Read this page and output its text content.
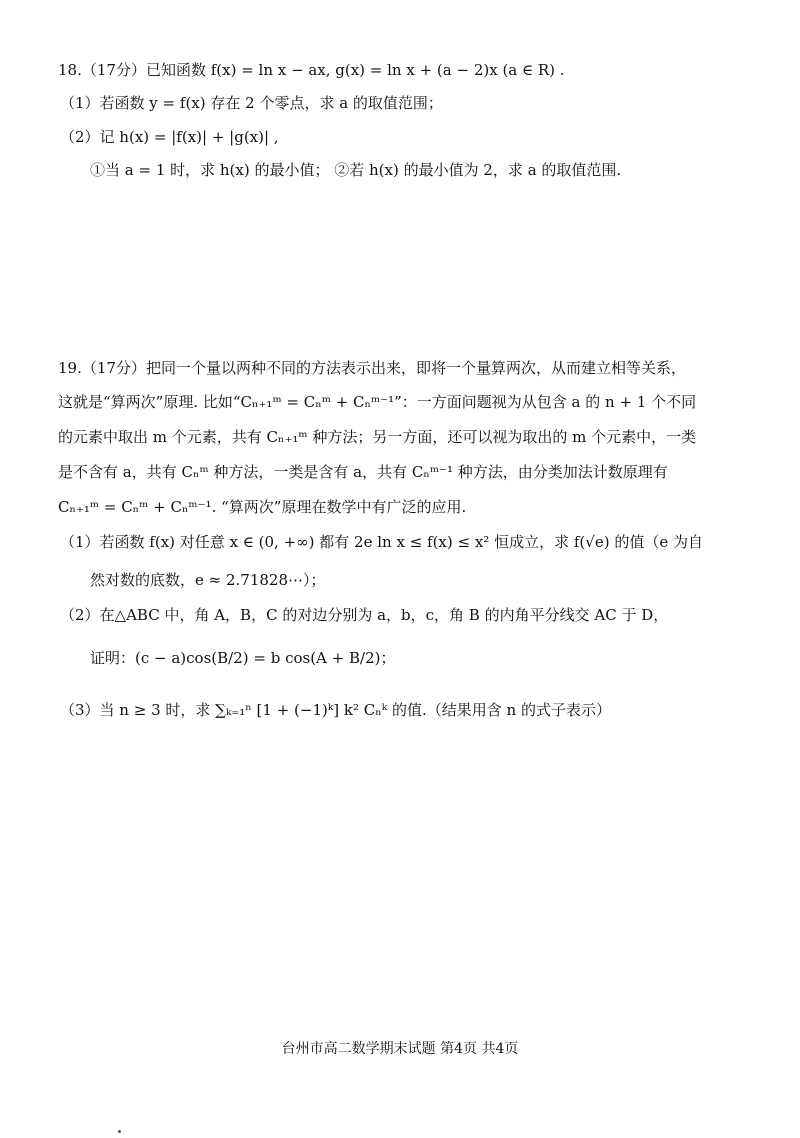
18.（17分）已知函数 f(x) = ln x − ax, g(x) = ln x + (a − 2)x (a ∈ R) .
（1）若函数 y = f(x) 存在 2 个零点，求 a 的取值范围；
（2）记 h(x) = |f(x)| + |g(x)| ,
①当 a = 1 时，求 h(x) 的最小值； ②若 h(x) 的最小值为 2，求 a 的取值范围.
19.（17分）把同一个量以两种不同的方法表示出来，即将一个量算两次，从而建立相等关系，
这就是“算两次”原理. 比如“Cₙ₊₁ᵐ = Cₙᵐ + Cₙᵐ⁻¹”：一方面问题视为从包含 a 的 n + 1 个不同
的元素中取出 m 个元素，共有 Cₙ₊₁ᵐ 种方法；另一方面，还可以视为取出的 m 个元素中，一类
是不含有 a，共有 Cₙᵐ 种方法，一类是含有 a，共有 Cₙᵐ⁻¹ 种方法，由分类加法计数原理有
Cₙ₊₁ᵐ = Cₙᵐ + Cₙᵐ⁻¹. “算两次”原理在数学中有广泛的应用.
（1）若函数 f(x) 对任意 x ∈ (0, +∞) 都有 2e ln x ≤ f(x) ≤ x² 恒成立，求 f(√e) 的值（e 为自
然对数的底数，e ≈ 2.71828⋯）；
（2）在△ABC 中，角 A，B，C 的对边分别为 a，b，c，角 B 的内角平分线交 AC 于 D，
证明：(c − a)cos(B/2) = b cos(A + B/2)；
（3）当 n ≥ 3 时，求 ∑ₖ₌₁ⁿ [1 + (−1)ᵏ] k² Cₙᵏ 的值.（结果用含 n 的式子表示）
台州市高二数学期末试题 第4页 共4页
